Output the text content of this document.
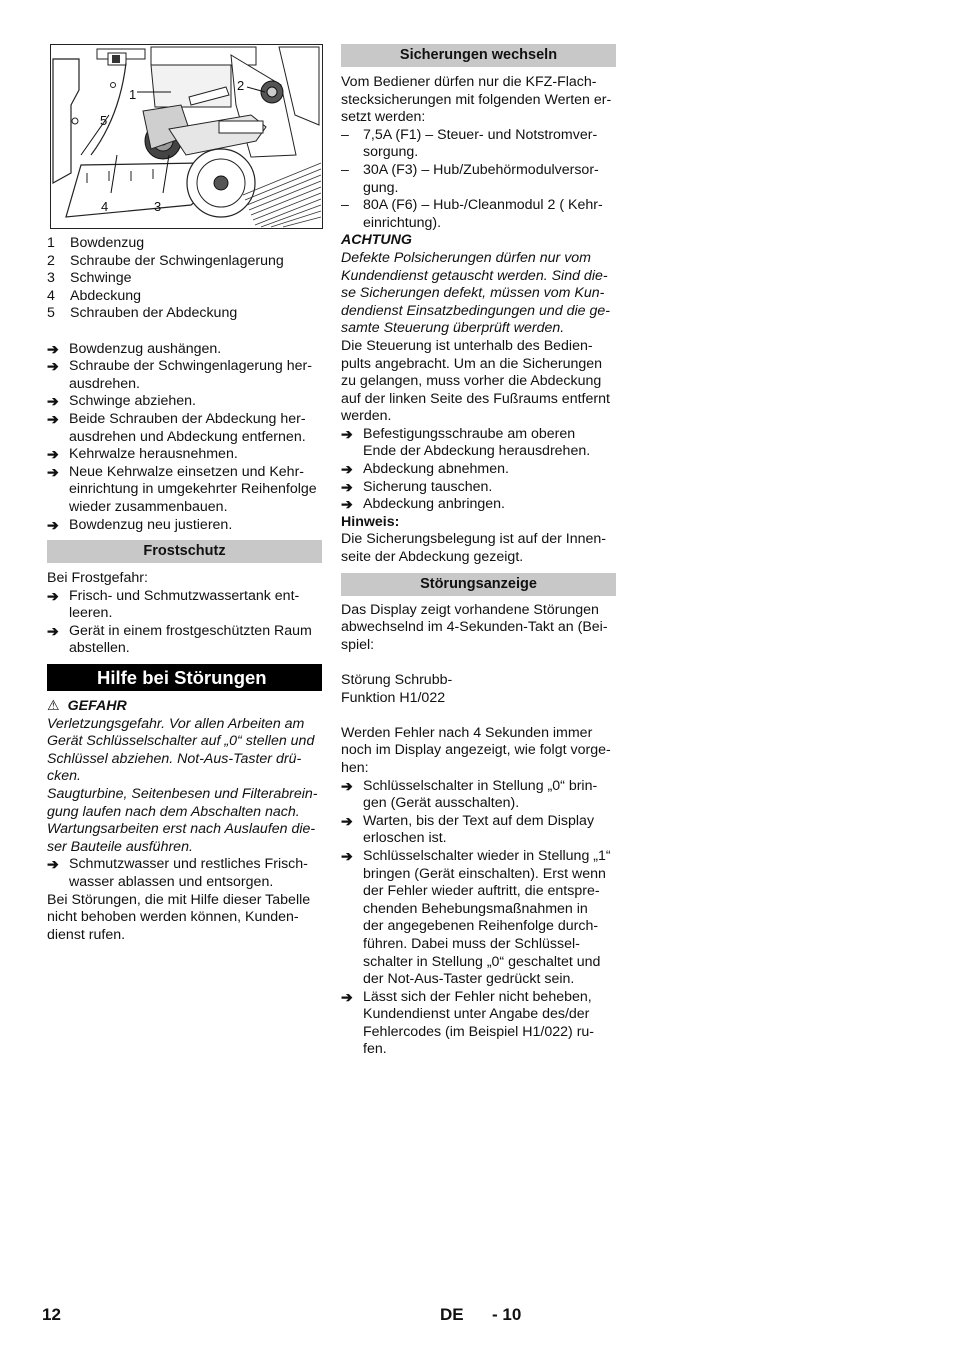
1
2
3
4
5
1	Bowdenzug
2	Schraube der Schwingenlagerung
3	Schwinge
4	Abdeckung
5	Schrauben der Abdeckung
➔ Bowdenzug aushängen.
➔ Schraube der Schwingenlagerung her-
ausdrehen.
➔ Schwinge abziehen.
➔ Beide Schrauben der Abdeckung her-
ausdrehen und Abdeckung entfernen.
➔ Kehrwalze herausnehmen.
➔ Neue Kehrwalze einsetzen und Kehr-
einrichtung in umgekehrter Reihenfolge
wieder zusammenbauen.
➔ Bowdenzug neu justieren.
Frostschutz

Bei Frostgefahr:

➔ Frisch- und Schmutzwassertank ent-
leeren.
➔ Gerät in einem frostgeschützten Raum
abstellen.
Hilfe bei Störungen
⚠ GEFAHR
Verletzungsgefahr. Vor allen Arbeiten am
Gerät Schlüsselschalter auf „0“ stellen und
Schlüssel abziehen. Not-Aus-Taster drü-
cken.
Saugturbine, Seitenbesen und Filterabrein-
gung laufen nach dem Abschalten nach.
Wartungsarbeiten erst nach Auslaufen die-
ser Bauteile ausführen.
➔ Schmutzwasser und restliches Frisch-
wasser ablassen und entsorgen.
Bei Störungen, die mit Hilfe dieser Tabelle
nicht behoben werden können, Kunden-
dienst rufen.
Sicherungen wechseln
Vom Bediener dürfen nur die KFZ-Flach-
stecksicherungen mit folgenden Werten er-
setzt werden:
– 7,5A (F1) – Steuer- und Notstromver-
sorgung.
– 30A (F3) – Hub/Zubehörmodulversor-
gung.
– 80A (F6) – Hub-/Cleanmodul 2 ( Kehr-
einrichtung).
ACHTUNG
Defekte Polsicherungen dürfen nur vom
Kundendienst getauscht werden. Sind die-
se Sicherungen defekt, müssen vom Kun-
dendienst Einsatzbedingungen und die ge-
samte Steuerung überprüft werden.
Die Steuerung ist unterhalb des Bedien-
pults angebracht. Um an die Sicherungen
zu gelangen, muss vorher die Abdeckung
auf der linken Seite des Fußraums entfernt
werden.
➔ Befestigungsschraube am oberen
Ende der Abdeckung herausdrehen.
➔ Abdeckung abnehmen.
➔ Sicherung tauschen.
➔ Abdeckung anbringen.
Hinweis:
Die Sicherungsbelegung ist auf der Innen-
seite der Abdeckung gezeigt.
Störungsanzeige
Das Display zeigt vorhandene Störungen
abwechselnd im 4-Sekunden-Takt an (Bei-
spiel:
Störung Schrubb-
Funktion H1/022
Werden Fehler nach 4 Sekunden immer
noch im Display angezeigt, wie folgt vorge-
hen:
➔ Schlüsselschalter in Stellung „0“ brin-
gen (Gerät ausschalten).
➔ Warten, bis der Text auf dem Display
erloschen ist.
➔ Schlüsselschalter wieder in Stellung „1“
bringen (Gerät einschalten). Erst wenn
der Fehler wieder auftritt, die entspre-
chenden Behebungsmaßnahmen in
der angegebenen Reihenfolge durch-
führen. Dabei muss der Schlüssel-
schalter in Stellung „0“ geschaltet und
der Not-Aus-Taster gedrückt sein.
➔ Lässt sich der Fehler nicht beheben,
Kundendienst unter Angabe des/der
Fehlercodes (im Beispiel H1/022) ru-
fen.
12	DE - 10
